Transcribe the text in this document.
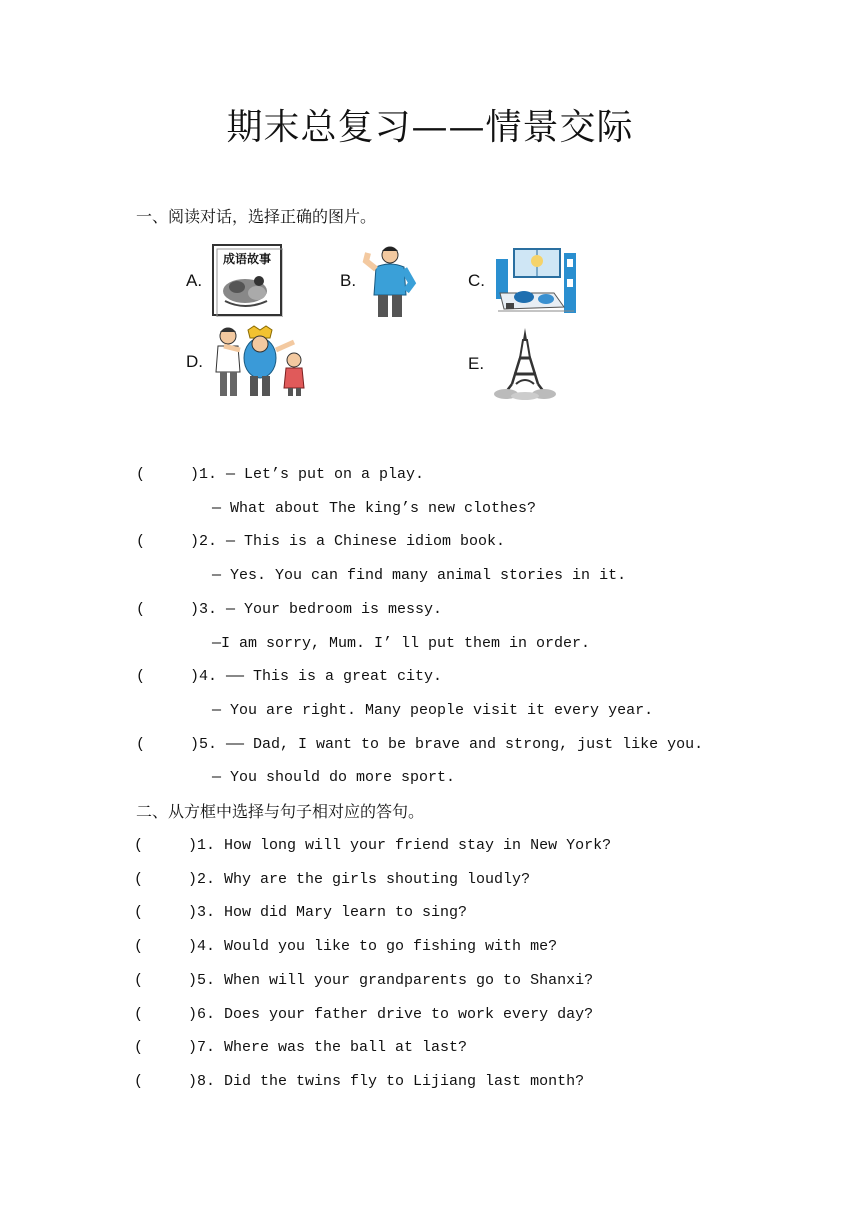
期末总复习——情景交际
一、阅读对话，选择正确的图片。
A.
成语故事
B.	C.
D.	E.
(     )1. — Let’s put on a play.
— What about The king’s new clothes?
(     )2. — This is a Chinese idiom book.
— Yes. You can find many animal stories in it.
(     )3. — Your bedroom is messy.
—I am sorry, Mum. I’ ll put them in order.
(     )4. —— This is a great city.
— You are right. Many people visit it every year.
(     )5. —— Dad, I want to be brave and strong, just like you.
— You should do more sport.
二、从方框中选择与句子相对应的答句。
(     )1. How long will your friend stay in New York?
(     )2. Why are the girls shouting loudly?
(     )3. How did Mary learn to sing?
(     )4. Would you like to go fishing with me?
(     )5. When will your grandparents go to Shanxi?
(     )6. Does your father drive to work every day?
(     )7. Where was the ball at last?
(     )8. Did the twins fly to Lijiang last month?
